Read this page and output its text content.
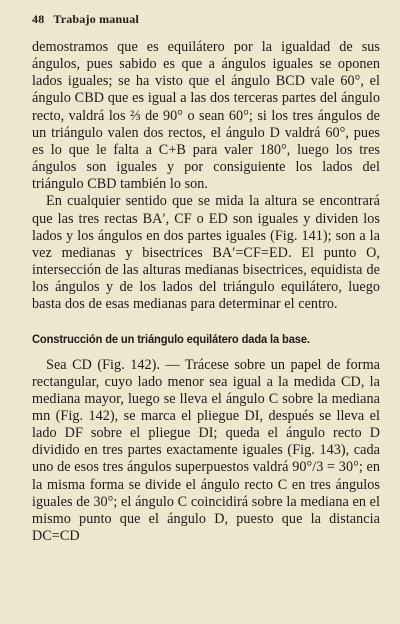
48 Trabajo manual

demostramos que es equilátero por la igualdad de sus ángulos, pues sabido es que a ángulos iguales se oponen lados iguales; se ha visto que el ángulo BCD vale 60°, el ángulo CBD que es igual a las dos terceras partes del ángulo recto, valdrá los ⅔ de 90° o sean 60°; si los tres ángulos de un triángulo valen dos rectos, el ángulo D valdrá 60°, pues es lo que le falta a C+B para valer 180°, luego los tres ángulos son iguales y por consiguiente los lados del triángulo CBD también lo son.

En cualquier sentido que se mida la altura se encontrará que las tres rectas BA′, CF o ED son iguales y dividen los lados y los ángulos en dos partes iguales (Fig. 141); son a la vez medianas y bisectrices BA′=CF=ED. El punto O, intersección de las alturas medianas bisectrices, equidista de los ángulos y de los lados del triángulo equilátero, luego basta dos de esas medianas para determinar el centro.

Construcción de un triángulo equilátero dada la base.

Sea CD (Fig. 142). — Trácese sobre un papel de forma rectangular, cuyo lado menor sea igual a la medida CD, la mediana mayor, luego se lleva el ángulo C sobre la mediana mn (Fig. 142), se marca el pliegue DI, después se lleva el lado DF sobre el pliegue DI; queda el ángulo recto D dividido en tres partes exactamente iguales (Fig. 143), cada uno de esos tres ángulos superpuestos valdrá 90°/3 = 30°; en la misma forma se divide el ángulo recto C en tres ángulos iguales de 30°; el ángulo C coincidirá sobre la mediana en el mismo punto que el ángulo D, puesto que la distancia DC=CD
